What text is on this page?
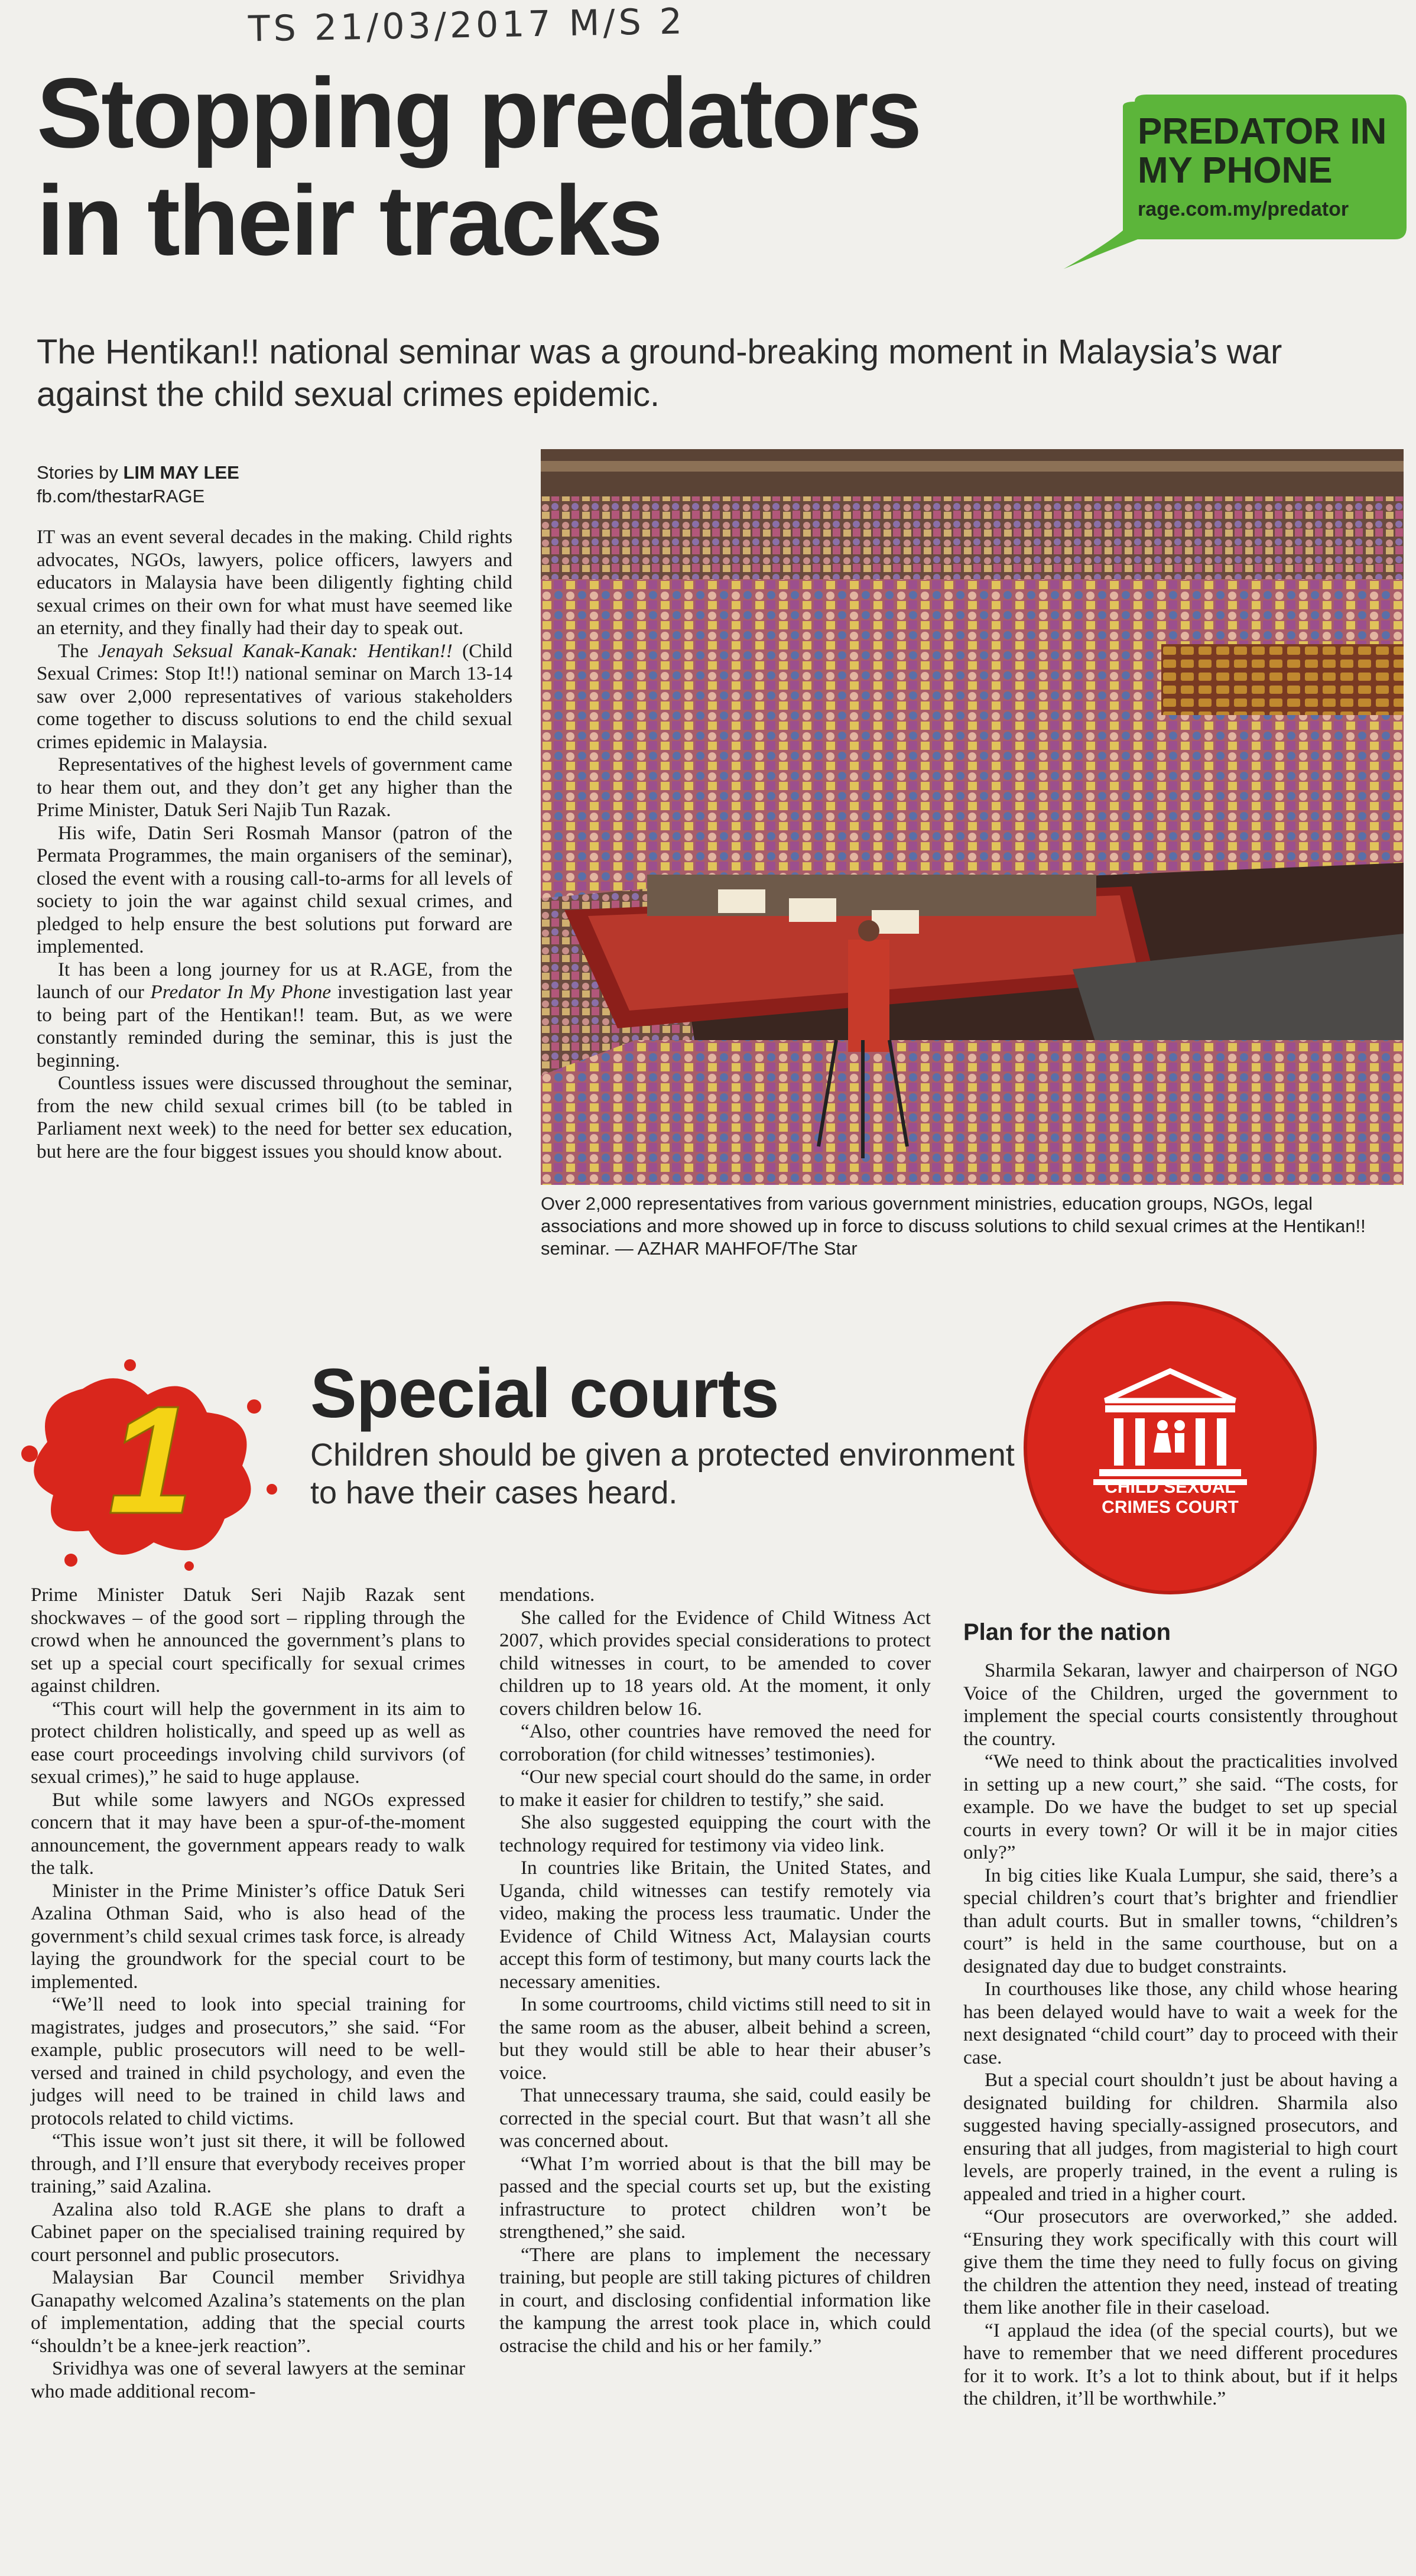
TS 21/03/2017 M/S 2
Stopping predators
in their tracks
PREDATOR IN MY PHONE
rage.com.my/predator
The Hentikan!! national seminar was a ground-breaking moment in Malaysia’s war against the child sexual crimes epidemic.
Stories by LIM MAY LEE
fb.com/thestarRAGE

IT was an event several decades in the making. Child rights advocates, NGOs, lawyers, police officers, lawyers and educators in Malaysia have been diligently fighting child sexual crimes on their own for what must have seemed like an eternity, and they finally had their day to speak out.

The Jenayah Seksual Kanak-Kanak: Hentikan!! (Child Sexual Crimes: Stop It!!) national seminar on March 13-14 saw over 2,000 representatives of various stakeholders come together to discuss solutions to end the child sexual crimes epidemic in Malaysia.

Representatives of the highest levels of government came to hear them out, and they don’t get any higher than the Prime Minister, Datuk Seri Najib Tun Razak.

His wife, Datin Seri Rosmah Mansor (patron of the Permata Programmes, the main organisers of the seminar), closed the event with a rousing call-to-arms for all levels of society to join the war against child sexual crimes, and pledged to help ensure the best solutions put forward are implemented.

It has been a long journey for us at R.AGE, from the launch of our Predator In My Phone investigation last year to being part of the Hentikan!! team. But, as we were constantly reminded during the seminar, this is just the beginning.

Countless issues were discussed throughout the seminar, from the new child sexual crimes bill (to be tabled in Parliament next week) to the need for better sex education, but here are the four biggest issues you should know about.

Over 2,000 representatives from various government ministries, education groups, NGOs, legal associations and more showed up in force to discuss solutions to child sexual crimes at the Hentikan!! seminar. — AZHAR MAHFOF/The Star
1 Special courts
Children should be given a protected environment to have their cases heard.	CHILD SEXUAL
CRIMES COURT

Prime Minister Datuk Seri Najib Razak sent shockwaves – of the good sort – rippling through the crowd when he announced the government’s plans to set up a special court specifically for sexual crimes against children.

“This court will help the government in its aim to protect children holistically, and speed up as well as ease court proceedings involving child survivors (of sexual crimes),” he said to huge applause.

But while some lawyers and NGOs expressed concern that it may have been a spur-of-the-moment announcement, the government appears ready to walk the talk.

Minister in the Prime Minister’s office Datuk Seri Azalina Othman Said, who is also head of the government’s child sexual crimes task force, is already laying the groundwork for the special court to be implemented.

“We’ll need to look into special training for magistrates, judges and prosecutors,” she said. “For example, public prosecutors will need to be well-versed and trained in child psychology, and even the judges will need to be trained in child laws and protocols related to child victims.

“This issue won’t just sit there, it will be followed through, and I’ll ensure that everybody receives proper training,” said Azalina.

Azalina also told R.AGE she plans to draft a Cabinet paper on the specialised training required by court personnel and public prosecutors.

Malaysian Bar Council member Srividhya Ganapathy welcomed Azalina’s statements on the plan of implementation, adding that the special courts “shouldn’t be a knee-jerk reaction”.

Srividhya was one of several lawyers at the seminar who made additional recom-

mendations.

She called for the Evidence of Child Witness Act 2007, which provides special considerations to protect child witnesses in court, to be amended to cover children up to 18 years old. At the moment, it only covers children below 16.

“Also, other countries have removed the need for corroboration (for child witnesses’ testimonies).

“Our new special court should do the same, in order to make it easier for children to testify,” she said.

She also suggested equipping the court with the technology required for testimony via video link.

In countries like Britain, the United States, and Uganda, child witnesses can testify remotely via video, making the process less traumatic. Under the Evidence of Child Witness Act, Malaysian courts accept this form of testimony, but many courts lack the necessary amenities.

In some courtrooms, child victims still need to sit in the same room as the abuser, albeit behind a screen, but they would still be able to hear their abuser’s voice.

That unnecessary trauma, she said, could easily be corrected in the special court. But that wasn’t all she was concerned about.

“What I’m worried about is that the bill may be passed and the special courts set up, but the existing infrastructure to protect children won’t be strengthened,” she said.

“There are plans to implement the necessary training, but people are still taking pictures of children in court, and disclosing confidential information like the kampung the arrest took place in, which could ostracise the child and his or her family.”

Plan for the nation

Sharmila Sekaran, lawyer and chairperson of NGO Voice of the Children, urged the government to implement the special courts consistently throughout the country.

“We need to think about the practicalities involved in setting up a new court,” she said. “The costs, for example. Do we have the budget to set up special courts in every town? Or will it be in major cities only?”

In big cities like Kuala Lumpur, she said, there’s a special children’s court that’s brighter and friendlier than adult courts. But in smaller towns, “children’s court” is held in the same courthouse, but on a designated day due to budget constraints.

In courthouses like those, any child whose hearing has been delayed would have to wait a week for the next designated “child court” day to proceed with their case.

But a special court shouldn’t just be about having a designated building for children. Sharmila also suggested having specially-assigned prosecutors, and ensuring that all judges, from magisterial to high court levels, are properly trained, in the event a ruling is appealed and tried in a higher court.

“Our prosecutors are overworked,” she added. “Ensuring they work specifically with this court will give them the time they need to fully focus on giving the children the attention they need, instead of treating them like another file in their caseload.

“I applaud the idea (of the special courts), but we have to remember that we need different procedures for it to work. It’s a lot to think about, but if it helps the children, it’ll be worthwhile.”
